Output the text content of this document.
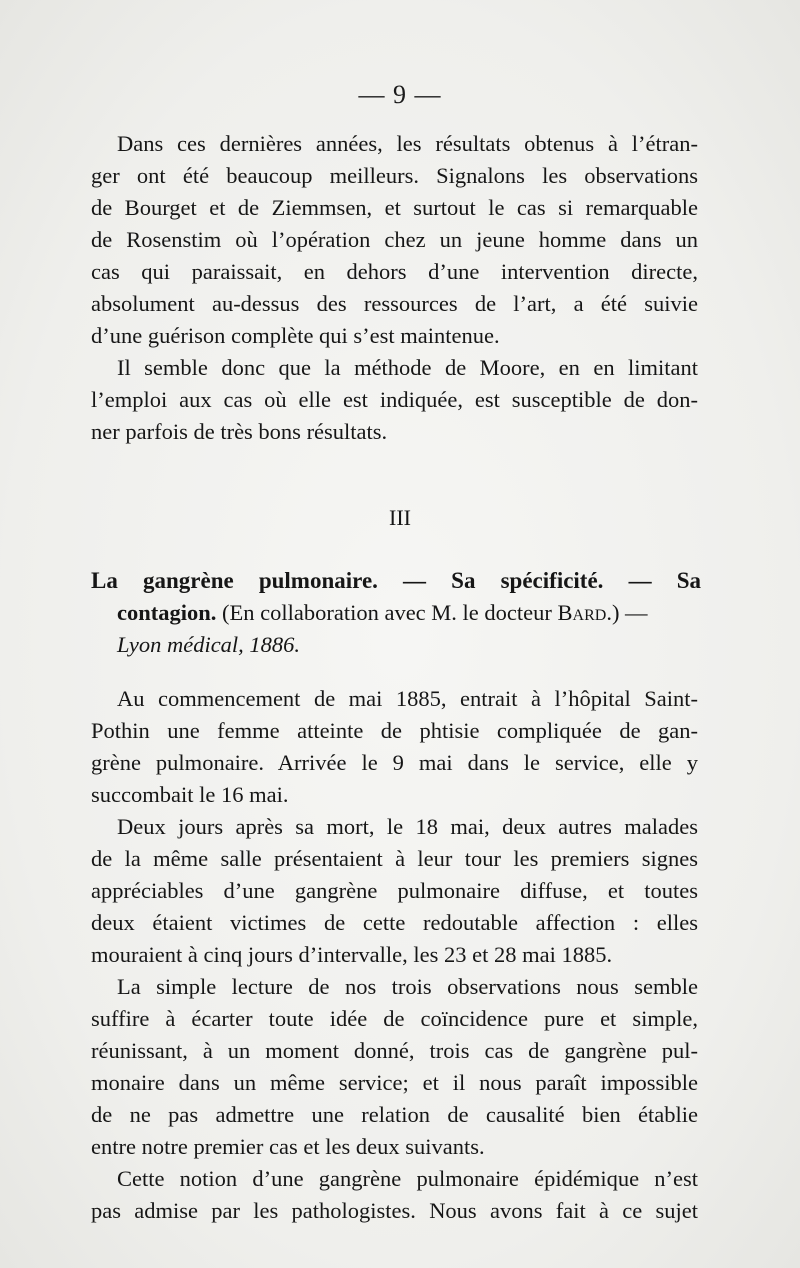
— 9 —
Dans ces dernières années, les résultats obtenus à l’étran-
ger ont été beaucoup meilleurs. Signalons les observations
de Bourget et de Ziemmsen, et surtout le cas si remarquable
de Rosenstim où l’opération chez un jeune homme dans un
cas qui paraissait, en dehors d’une intervention directe,
absolument au-dessus des ressources de l’art, a été suivie
d’une guérison complète qui s’est maintenue.
Il semble donc que la méthode de Moore, en en limitant
l’emploi aux cas où elle est indiquée, est susceptible de don-
ner parfois de très bons résultats.
III
La gangrène pulmonaire. — Sa spécificité. — Sa
contagion. (En collaboration avec M. le docteur Bard.) —
Lyon médical, 1886.
Au commencement de mai 1885, entrait à l’hôpital Saint-
Pothin une femme atteinte de phtisie compliquée de gan-
grène pulmonaire. Arrivée le 9 mai dans le service, elle y
succombait le 16 mai.
Deux jours après sa mort, le 18 mai, deux autres malades
de la même salle présentaient à leur tour les premiers signes
appréciables d’une gangrène pulmonaire diffuse, et toutes
deux étaient victimes de cette redoutable affection : elles
mouraient à cinq jours d’intervalle, les 23 et 28 mai 1885.
La simple lecture de nos trois observations nous semble
suffire à écarter toute idée de coïncidence pure et simple,
réunissant, à un moment donné, trois cas de gangrène pul-
monaire dans un même service; et il nous paraît impossible
de ne pas admettre une relation de causalité bien établie
entre notre premier cas et les deux suivants.
Cette notion d’une gangrène pulmonaire épidémique n’est
pas admise par les pathologistes. Nous avons fait à ce sujet
